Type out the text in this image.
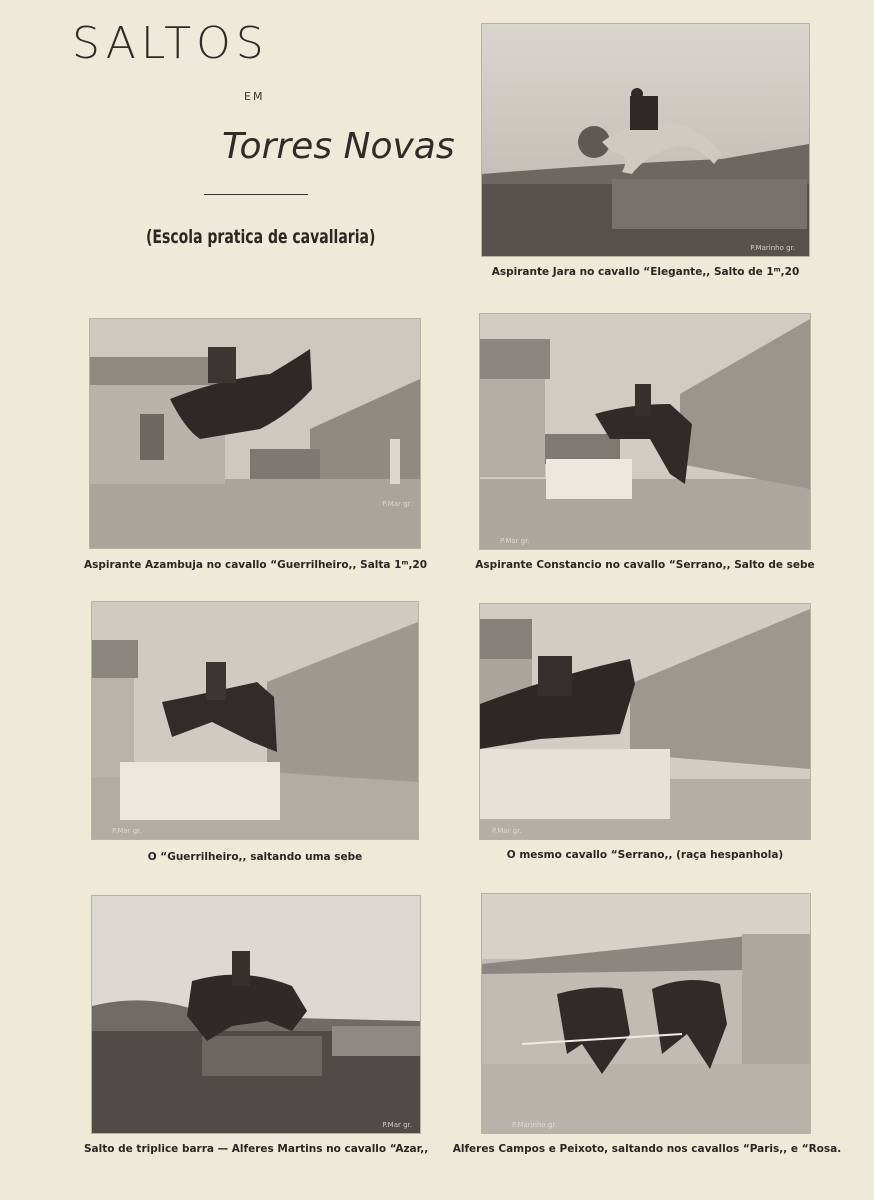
SALTOS
EM
Torres Novas
(Escola pratica de cavallaria)	P.Marinho gr.
Aspirante Jara no cavallo “Elegante,, Salto de 1ᵐ,20
P.Mar gr.
Aspirante Azambuja no cavallo “Guerrilheiro,, Salta 1ᵐ,20
P.Mar gr.
Aspirante Constancio no cavallo “Serrano,, Salto de sebe
P.Mar gr.
O “Guerrilheiro,, saltando uma sebe
P.Mar gr.
O mesmo cavallo “Serrano,, (raça hespanhola)
P.Mar gr.
Salto de triplice barra — Alferes Martins no cavallo “Azar,,
P.Marinho gr.
Alferes Campos e Peixoto, saltando nos cavallos “Paris,, e “Rosa.
